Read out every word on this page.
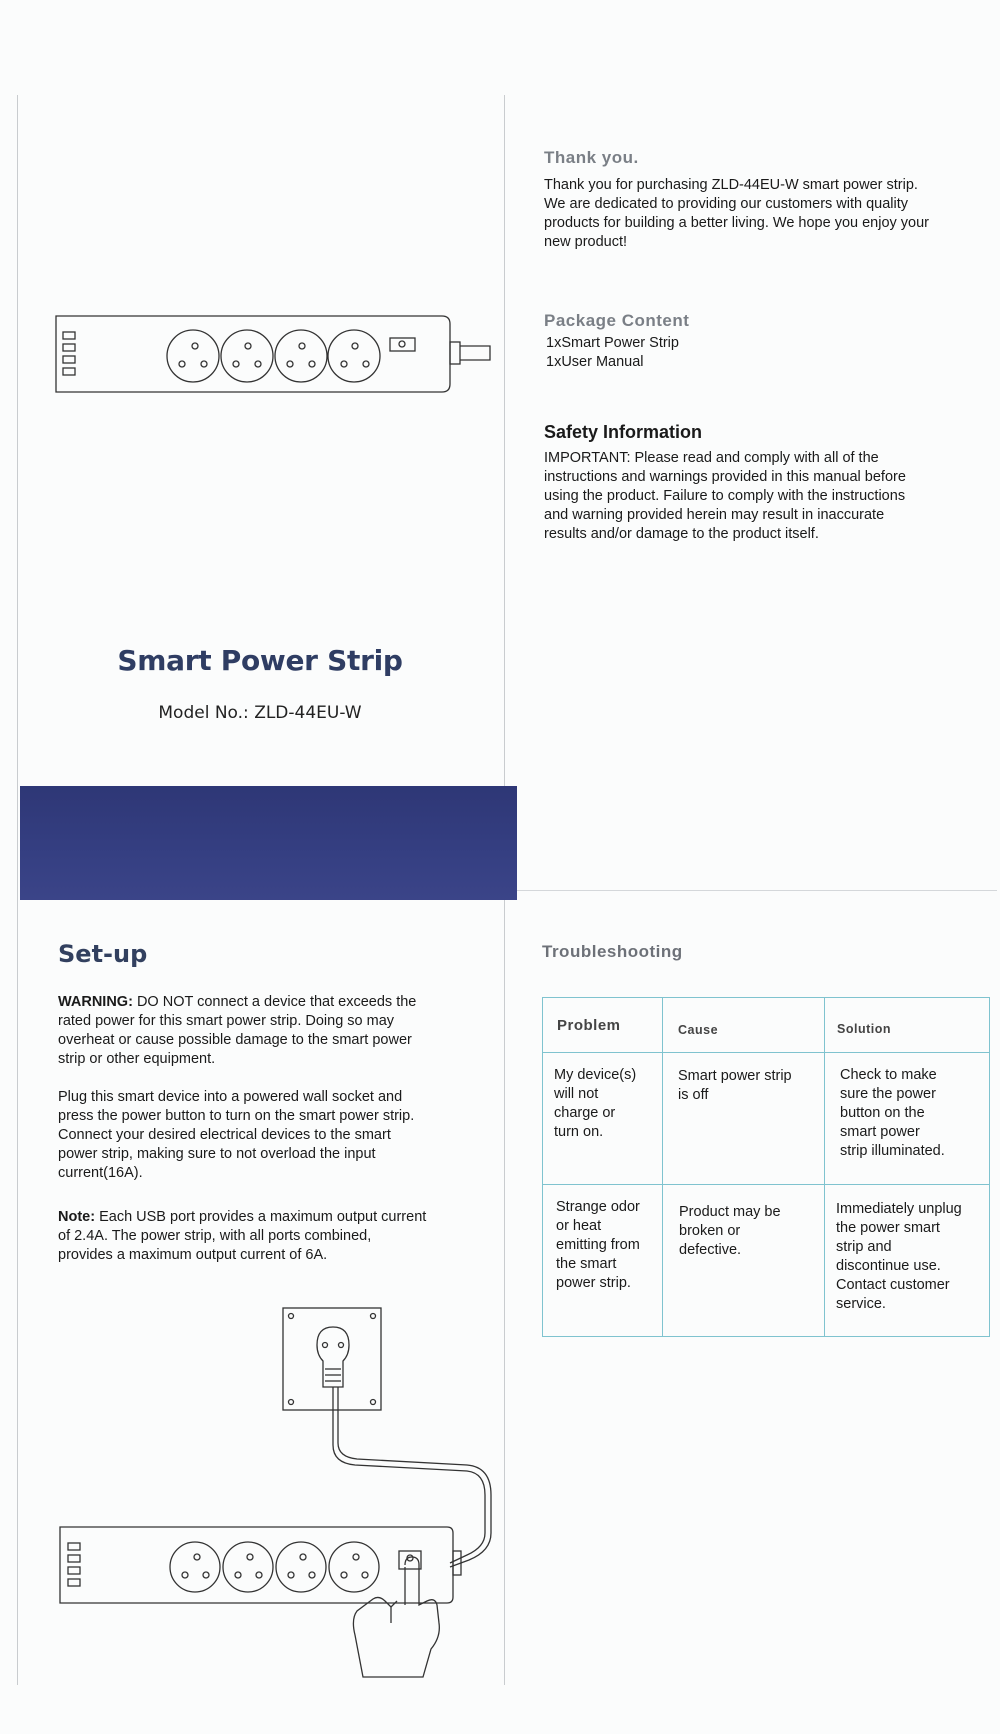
Smart Power Strip
Model No.: ZLD-44EU-W
Thank you.
Thank you for purchasing ZLD-44EU-W smart power strip.
We are dedicated to providing our customers with quality
products for building a better living. We hope you enjoy your
new product!
Package Content
1xSmart Power Strip
1xUser Manual
Safety Information
IMPORTANT: Please read and comply with all of the
instructions and warnings provided in this manual before
using the product. Failure to comply with the instructions
and warning provided herein may result in inaccurate
results and/or damage to the product itself.
Set-up
WARNING: DO NOT connect a device that exceeds the
rated power for this smart power strip. Doing so may
overheat or cause possible damage to the smart power
strip or other equipment.
Plug this smart device into a powered wall socket and
press the power button to turn on the smart power strip.
Connect your desired electrical devices to the smart
power strip, making sure to not overload the input
current(16A).
Note: Each USB port provides a maximum output current
of 2.4A. The power strip, with all ports combined,
provides a maximum output current of 6A.
Troubleshooting
Problem	Cause	Solution
My device(s)
will not
charge or
turn on.
Smart power strip
is off
Check to make
sure the power
button on the
smart power
strip illuminated.
Strange odor
or heat
emitting from
the smart
power strip.
Product may be
broken or
defective.
Immediately unplug
the power smart
strip and
discontinue use.
Contact customer
service.
